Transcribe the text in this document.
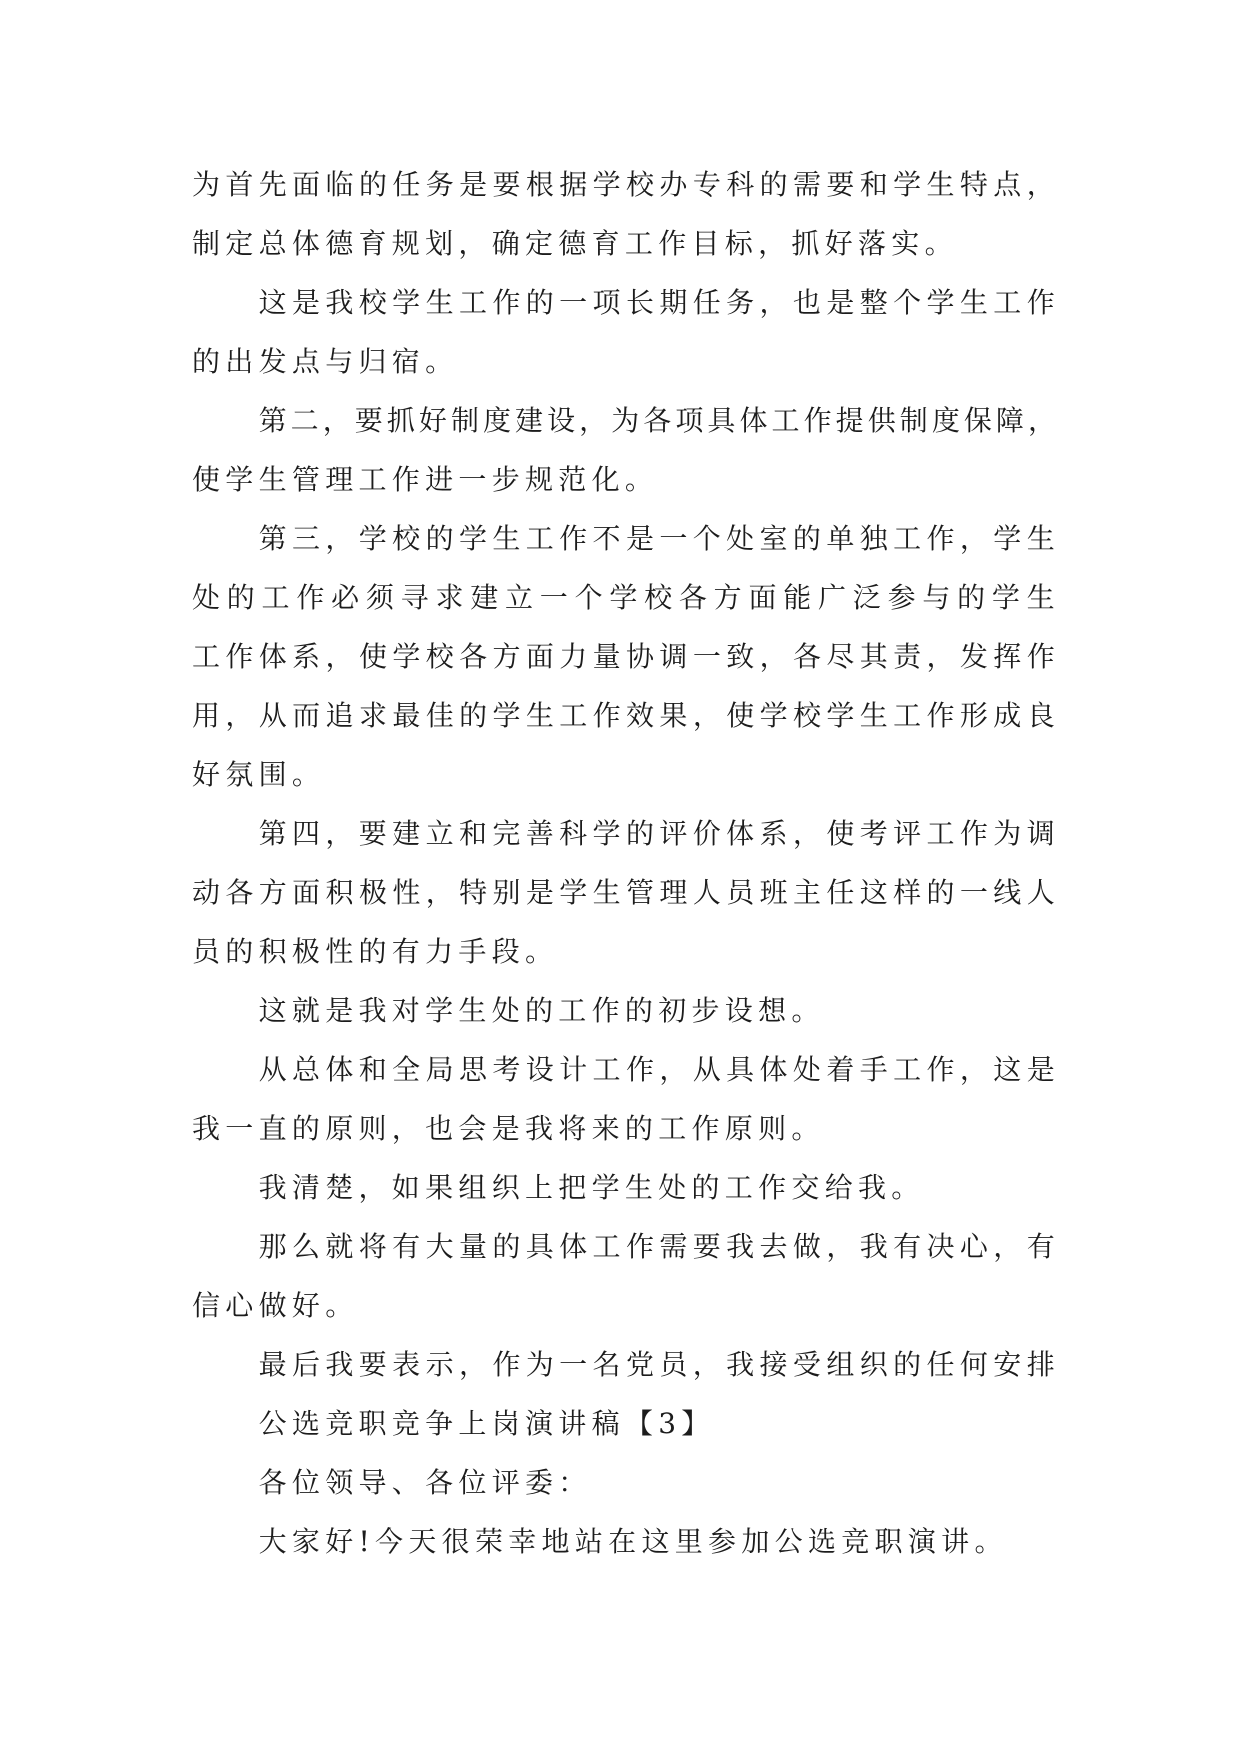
为首先面临的任务是要根据学校办专科的需要和学生特点，
制定总体德育规划，确定德育工作目标，抓好落实。
这是我校学生工作的一项长期任务，也是整个学生工作
的出发点与归宿。
第二，要抓好制度建设，为各项具体工作提供制度保障，
使学生管理工作进一步规范化。
第三，学校的学生工作不是一个处室的单独工作，学生
处的工作必须寻求建立一个学校各方面能广泛参与的学生
工作体系，使学校各方面力量协调一致，各尽其责，发挥作
用，从而追求最佳的学生工作效果，使学校学生工作形成良
好氛围。
第四，要建立和完善科学的评价体系，使考评工作为调
动各方面积极性，特别是学生管理人员班主任这样的一线人
员的积极性的有力手段。
这就是我对学生处的工作的初步设想。
从总体和全局思考设计工作，从具体处着手工作，这是
我一直的原则，也会是我将来的工作原则。
我清楚，如果组织上把学生处的工作交给我。
那么就将有大量的具体工作需要我去做，我有决心，有
信心做好。
最后我要表示，作为一名党员，我接受组织的任何安排
公选竞职竞争上岗演讲稿【3】
各位领导、各位评委：
大家好!今天很荣幸地站在这里参加公选竞职演讲。
